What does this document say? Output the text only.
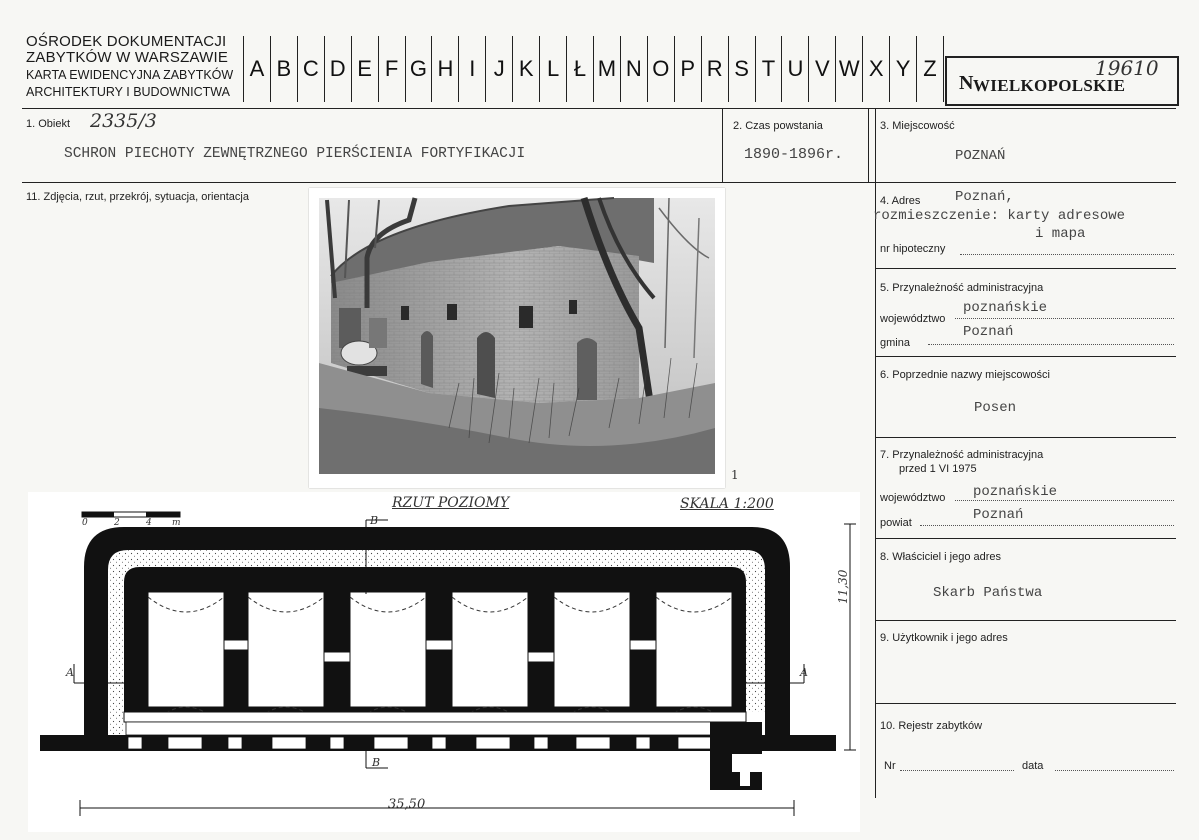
OŚRODEK DOKUMENTACJI
ZABYTKÓW W WARSZAWIE
KARTA EWIDENCYJNA ZABYTKÓW
ARCHITEKTURY I BUDOWNICTWA
A B C D E F G H I J K L Ł M N O P R S T U V W X Y Z
N WIELKOPOLSKIE
19610
1. Obiekt 2335/3
SCHRON PIECHOTY ZEWNĘTRZNEGO PIERŚCIENIA FORTYFIKACJI
2. Czas powstania
1890-1896r.
3. Miejscowość
POZNAŃ
11. Zdjęcia, rzut, przekrój, sytuacja, orientacja	4. Adres Poznań,
rozmieszczenie: karty adresowe
i mapa
nr hipoteczny
5. Przynależność administracyjna
województwo
poznańskie
gmina
Poznań
6. Poprzednie nazwy miejscowości
Posen
7. Przynależność administracyjna
przed 1 VI 1975
województwo poznańskie
powiat	Poznań
8. Właściciel i jego adres
Skarb Państwa
9. Użytkownik i jego adres
10. Rejestr zabytków
Nr	data
1
RZUT POZIOMY	SKALA 1:200
0	2	4 m
35,50
11,30
A	A
B
B
